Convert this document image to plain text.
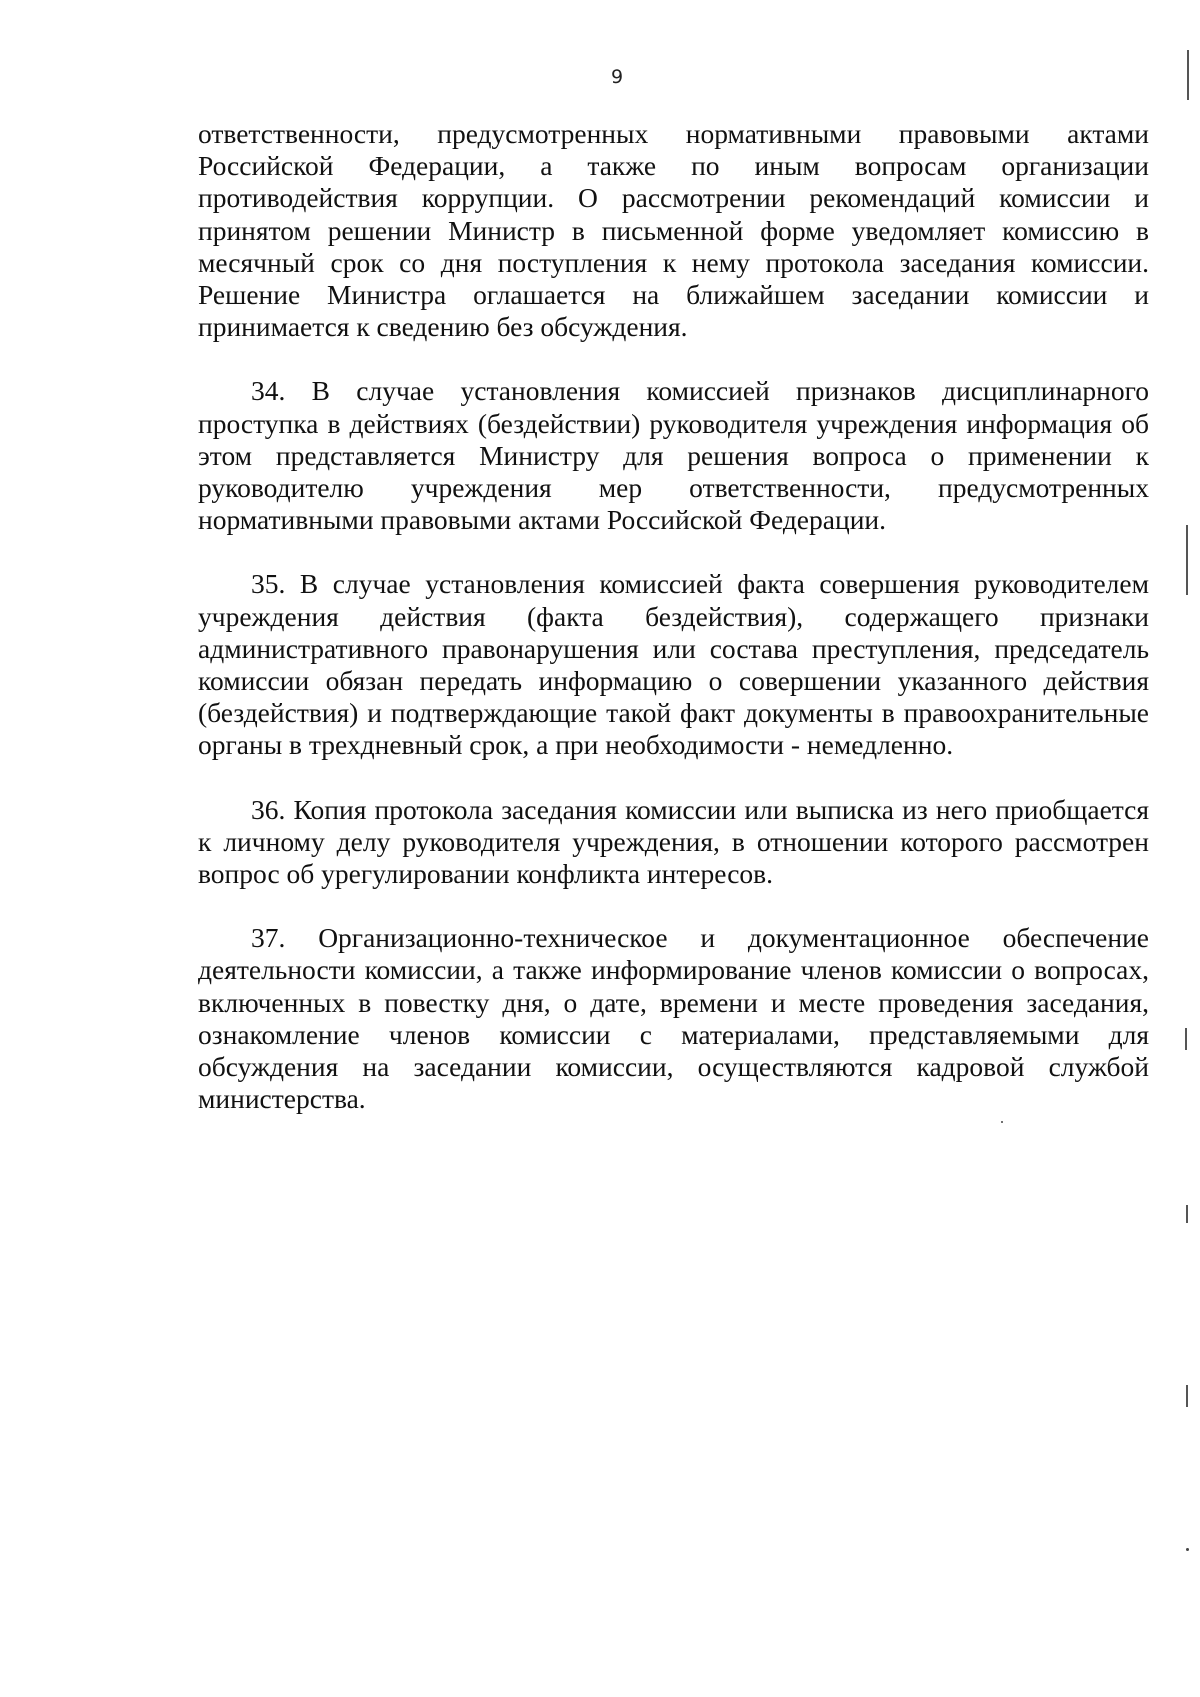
9

ответственности, предусмотренных нормативными правовыми актами Российской Федерации, а также по иным вопросам организации противодействия коррупции. О рассмотрении рекомендаций комиссии и принятом решении Министр в письменной форме уведомляет комиссию в месячный срок со дня поступления к нему протокола заседания комиссии. Решение Министра оглашается на ближайшем заседании комиссии и принимается к сведению без обсуждения.

34. В случае установления комиссией признаков дисциплинарного проступка в действиях (бездействии) руководителя учреждения информация об этом представляется Министру для решения вопроса о применении к руководителю учреждения мер ответственности, предусмотренных нормативными правовыми актами Российской Федерации.

35. В случае установления комиссией факта совершения руководителем учреждения действия (факта бездействия), содержащего признаки административного правонарушения или состава преступления, председатель комиссии обязан передать информацию о совершении указанного действия (бездействия) и подтверждающие такой факт документы в правоохранительные органы в трехдневный срок, а при необходимости - немедленно.

36. Копия протокола заседания комиссии или выписка из него приобщается к личному делу руководителя учреждения, в отношении которого рассмотрен вопрос об урегулировании конфликта интересов.

37. Организационно-техническое и документационное обеспечение деятельности комиссии, а также информирование членов комиссии о вопросах, включенных в повестку дня, о дате, времени и месте проведения заседания, ознакомление членов комиссии с материалами, представляемыми для обсуждения на заседании комиссии, осуществляются кадровой службой министерства.
